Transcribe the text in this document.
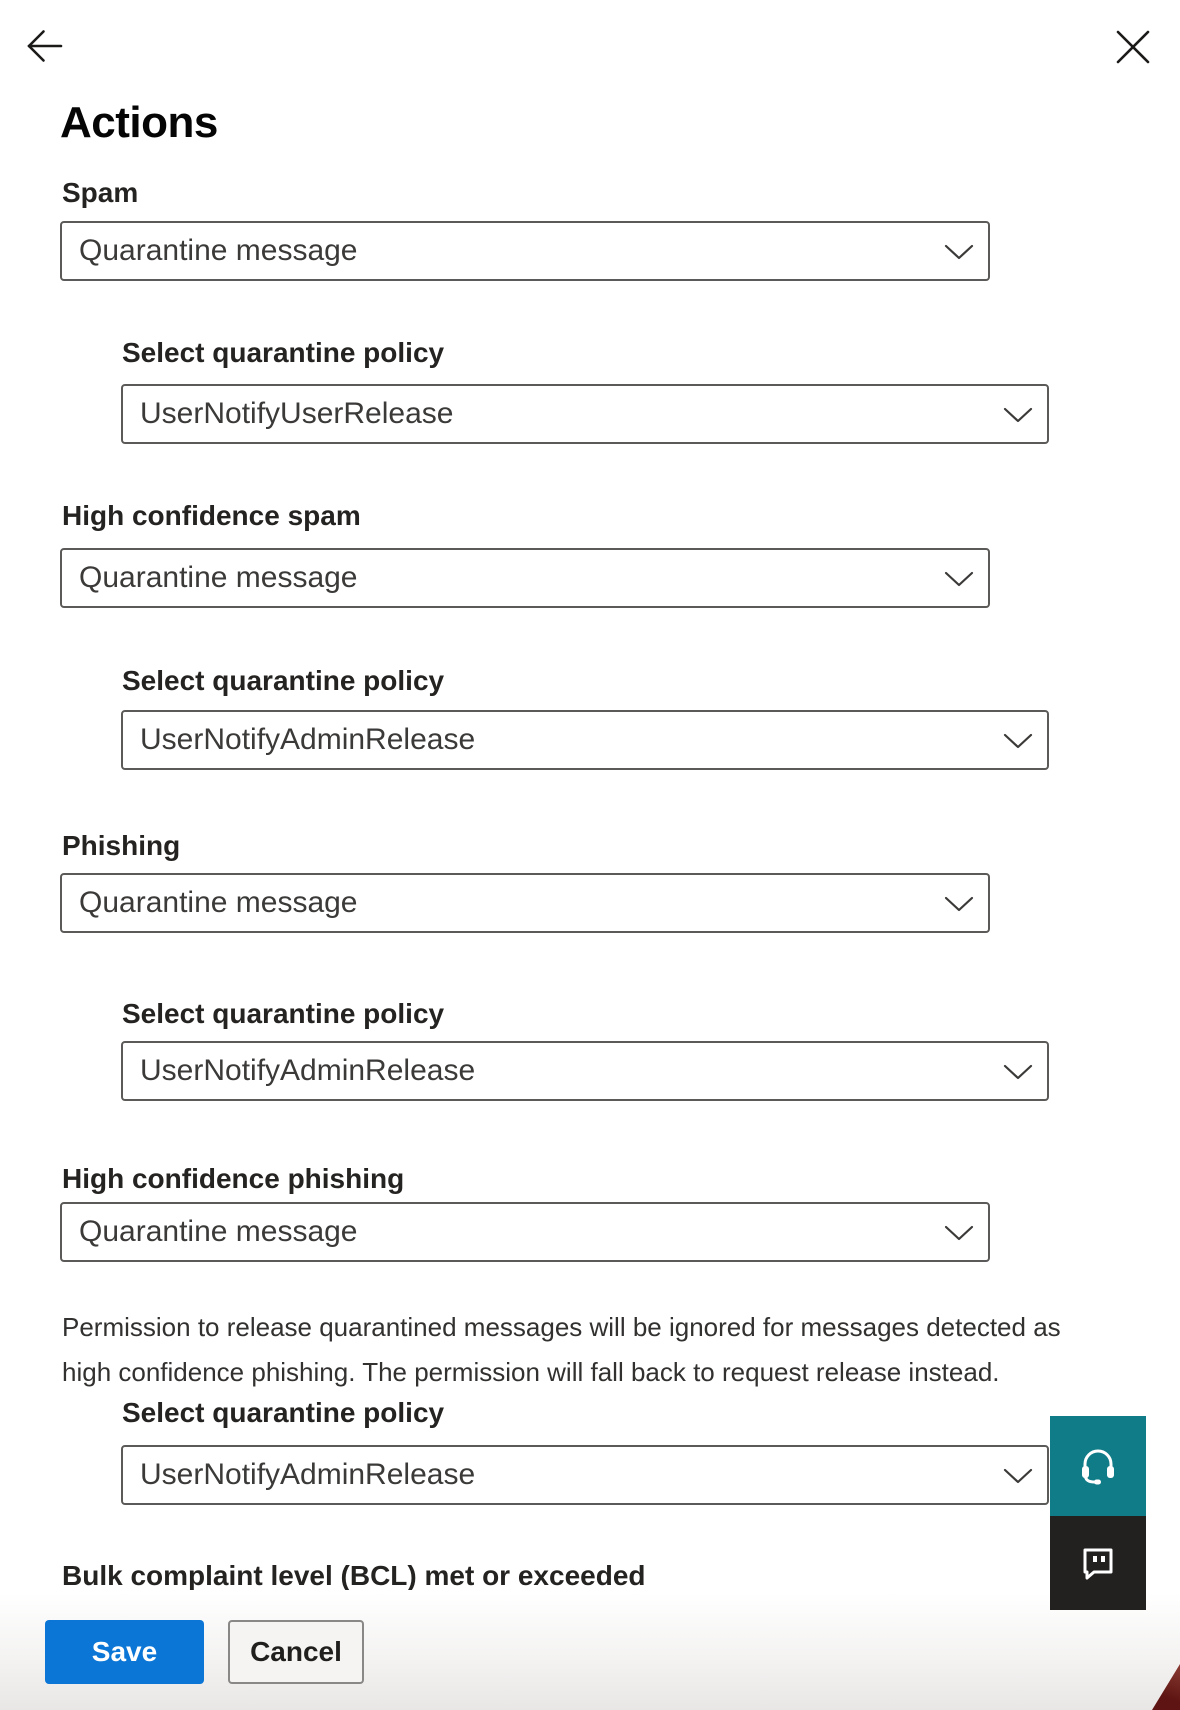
Actions
Spam
Quarantine message
Select quarantine policy
UserNotifyUserRelease
High confidence spam
Quarantine message
Select quarantine policy
UserNotifyAdminRelease
Phishing
Quarantine message
Select quarantine policy
UserNotifyAdminRelease
High confidence phishing
Quarantine message
Permission to release quarantined messages will be ignored for messages detected as
high confidence phishing. The permission will fall back to request release instead.
Select quarantine policy
UserNotifyAdminRelease
Bulk complaint level (BCL) met or exceeded
Save	Cancel
